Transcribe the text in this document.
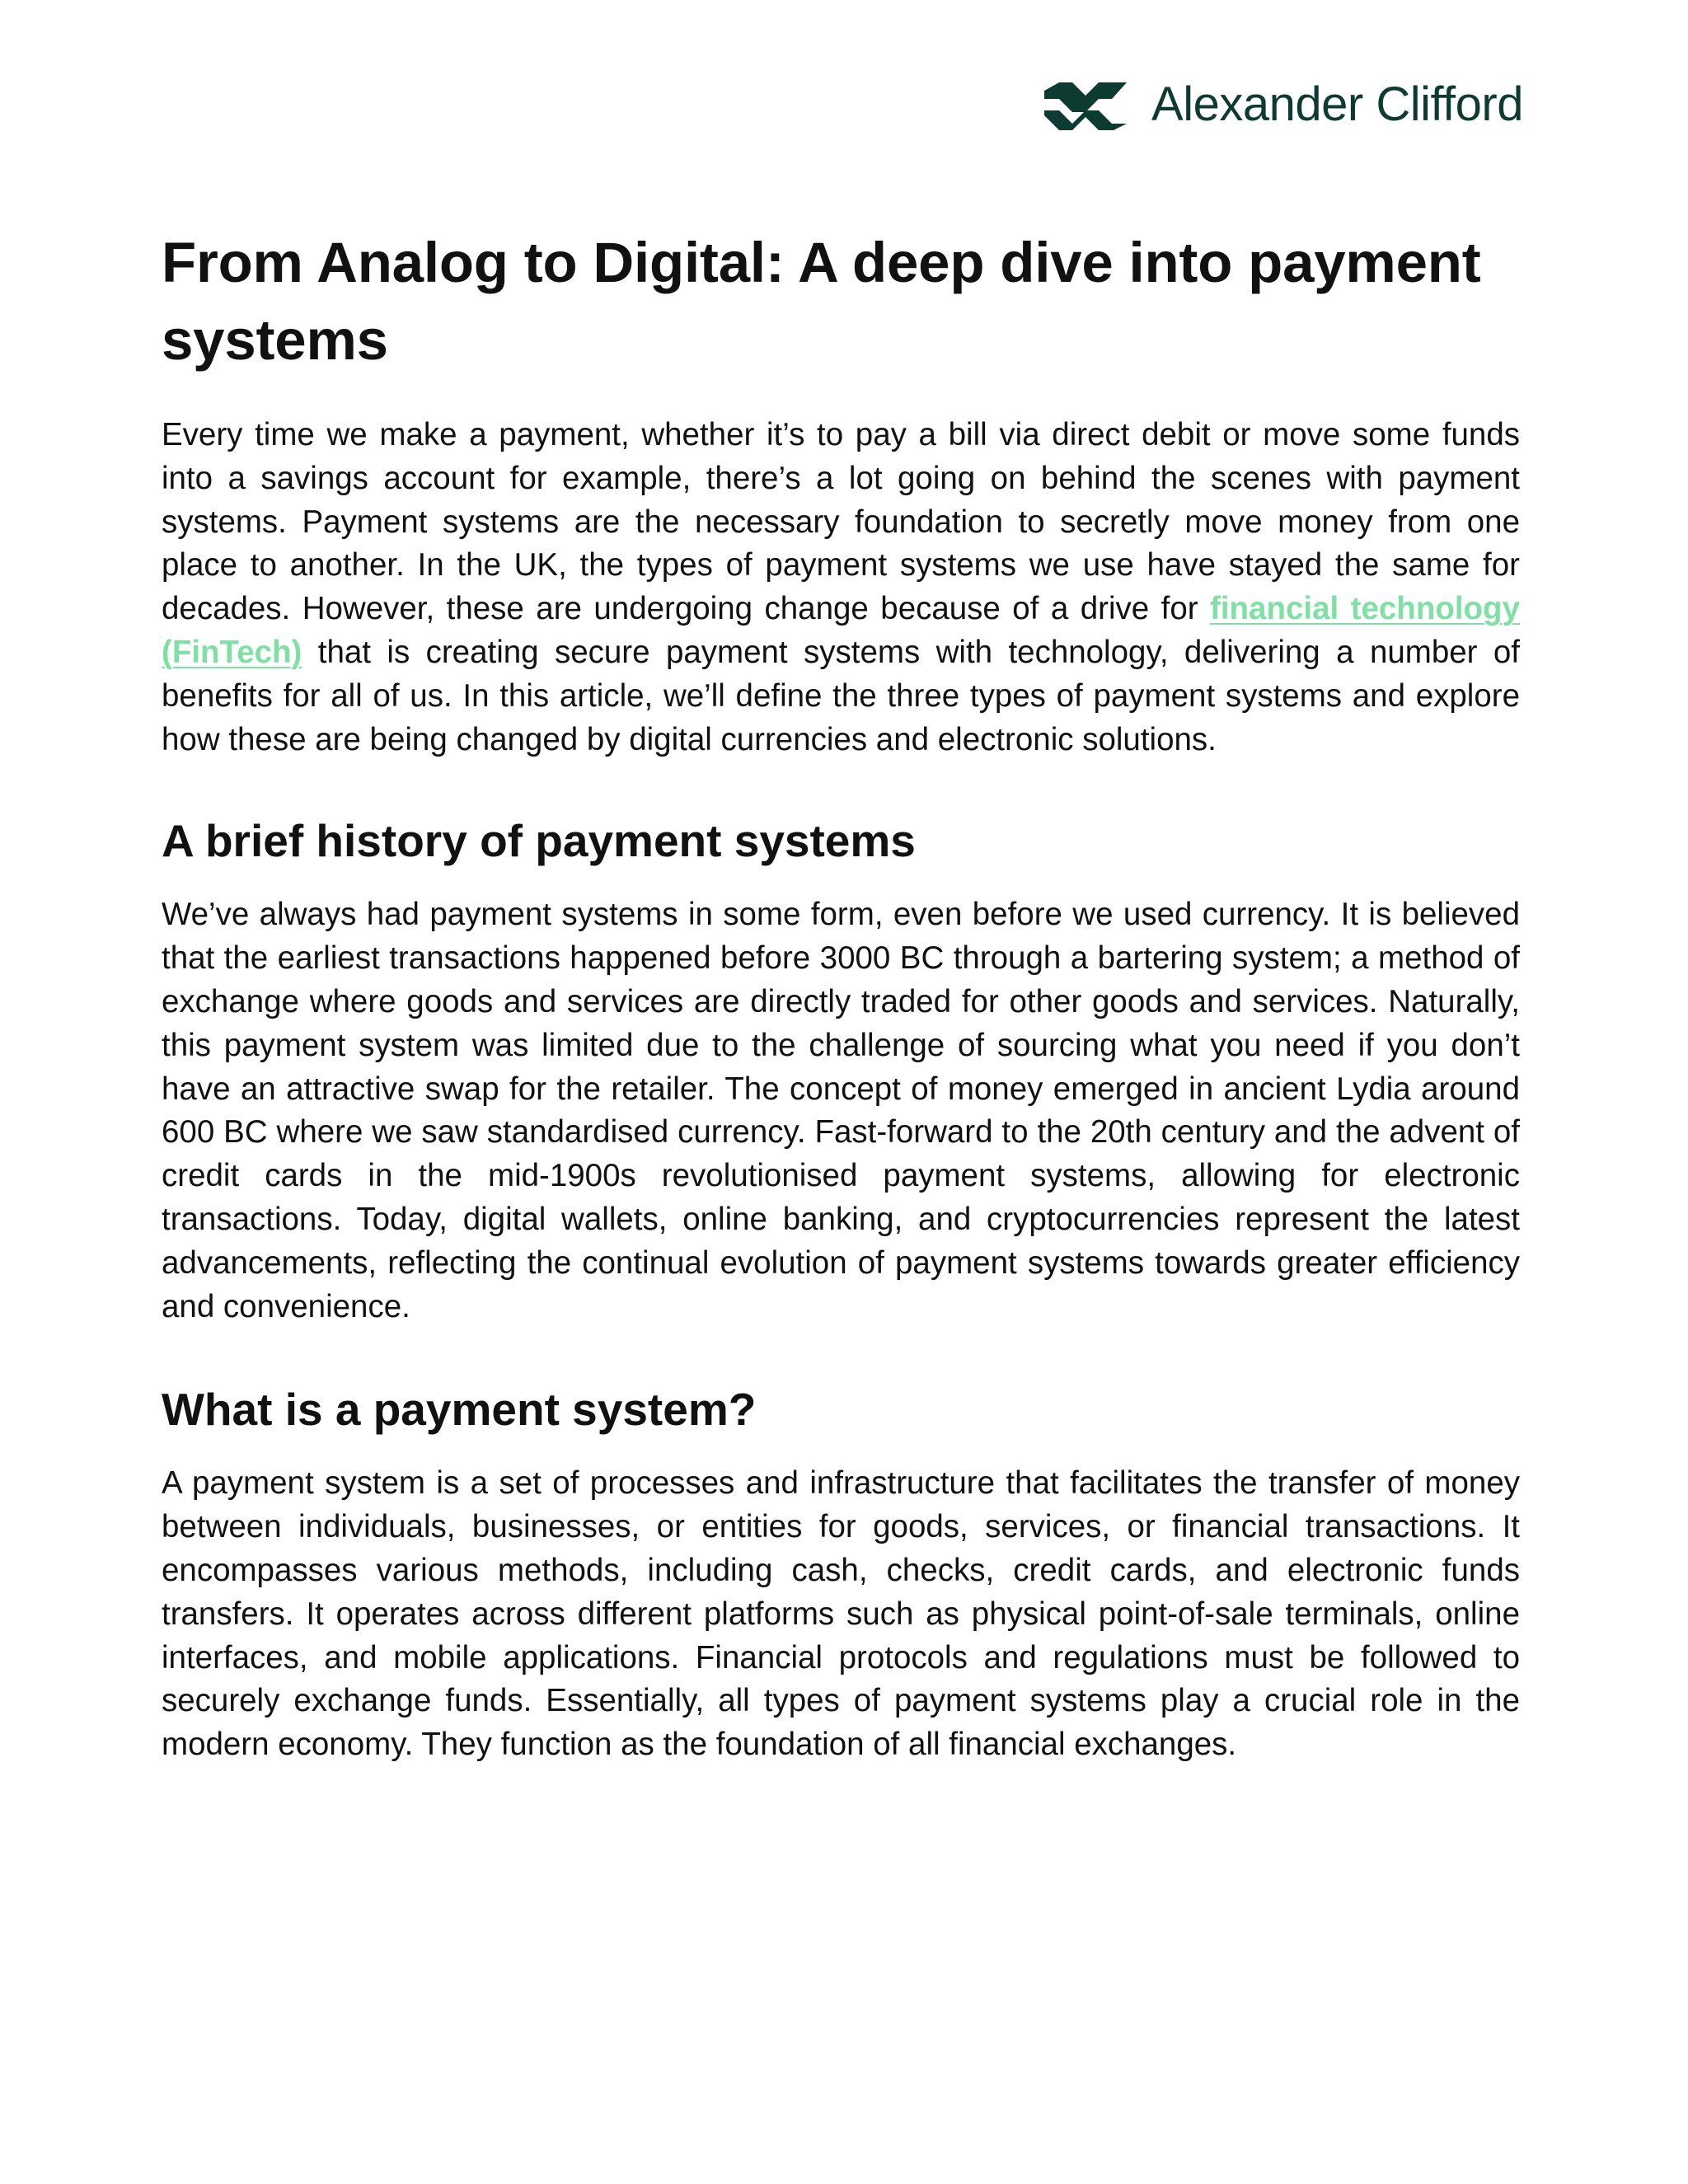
Alexander Clifford
From Analog to Digital: A deep dive into payment systems

Every time we make a payment, whether it’s to pay a bill via direct debit or move some funds into a savings account for example, there’s a lot going on behind the scenes with payment systems. Payment systems are the necessary foundation to secretly move money from one place to another. In the UK, the types of payment systems we use have stayed the same for decades. However, these are undergoing change because of a drive for financial technology (FinTech) that is creating secure payment systems with technology, delivering a number of benefits for all of us. In this article, we’ll define the three types of payment systems and explore how these are being changed by digital currencies and electronic solutions.

A brief history of payment systems

We’ve always had payment systems in some form, even before we used currency. It is believed that the earliest transactions happened before 3000 BC through a bartering system; a method of exchange where goods and services are directly traded for other goods and services. Naturally, this payment system was limited due to the challenge of sourcing what you need if you don’t have an attractive swap for the retailer. The concept of money emerged in ancient Lydia around 600 BC where we saw standardised currency. Fast-forward to the 20th century and the advent of credit cards in the mid-1900s revolutionised payment systems, allowing for electronic transactions. Today, digital wallets, online banking, and cryptocurrencies represent the latest advancements, reflecting the continual evolution of payment systems towards greater efficiency and convenience.

What is a payment system?

A payment system is a set of processes and infrastructure that facilitates the transfer of money between individuals, businesses, or entities for goods, services, or financial transactions. It encompasses various methods, including cash, checks, credit cards, and electronic funds transfers. It operates across different platforms such as physical point-of-sale terminals, online interfaces, and mobile applications. Financial protocols and regulations must be followed to securely exchange funds. Essentially, all types of payment systems play a crucial role in the modern economy. They function as the foundation of all financial exchanges.
